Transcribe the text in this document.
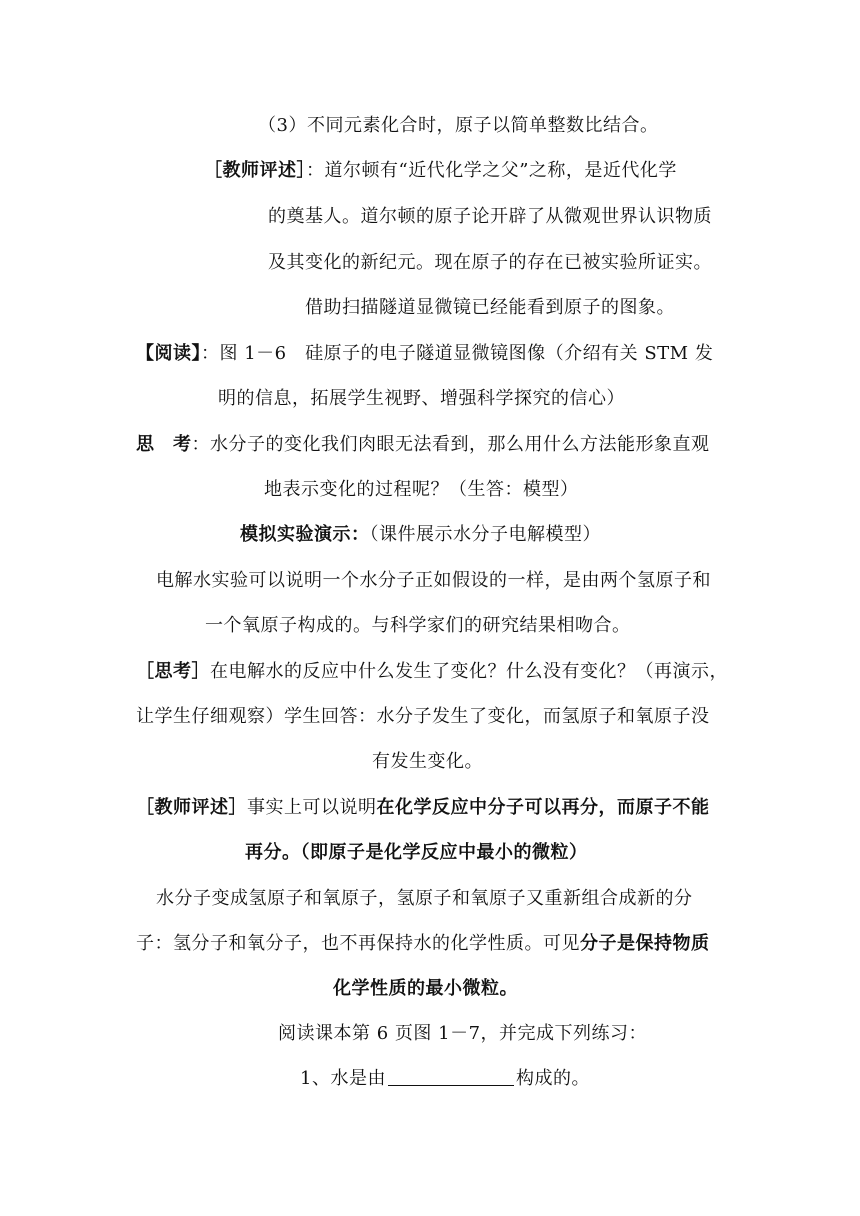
（3）不同元素化合时，原子以简单整数比结合。
［教师评述］：道尔顿有“近代化学之父”之称，是近代化学
的奠基人。道尔顿的原子论开辟了从微观世界认识物质
及其变化的新纪元。现在原子的存在已被实验所证实。
借助扫描隧道显微镜已经能看到原子的图象。
【阅读】：图 1－6　硅原子的电子隧道显微镜图像（介绍有关 STM 发
明的信息，拓展学生视野、增强科学探究的信心）
思　考：水分子的变化我们肉眼无法看到，那么用什么方法能形象直观
地表示变化的过程呢？（生答：模型）
模拟实验演示：（课件展示水分子电解模型）
电解水实验可以说明一个水分子正如假设的一样，是由两个氢原子和
一个氧原子构成的。与科学家们的研究结果相吻合。
［思考］在电解水的反应中什么发生了变化？什么没有变化？（再演示，
让学生仔细观察）学生回答：水分子发生了变化，而氢原子和氧原子没
有发生变化。
［教师评述］事实上可以说明在化学反应中分子可以再分，而原子不能
再分。（即原子是化学反应中最小的微粒）
水分子变成氢原子和氧原子，氢原子和氧原子又重新组合成新的分
子：氢分子和氧分子，也不再保持水的化学性质。可见分子是保持物质
化学性质的最小微粒。
阅读课本第 6 页图 1－7，并完成下列练习：
1、水是由	构成的。
